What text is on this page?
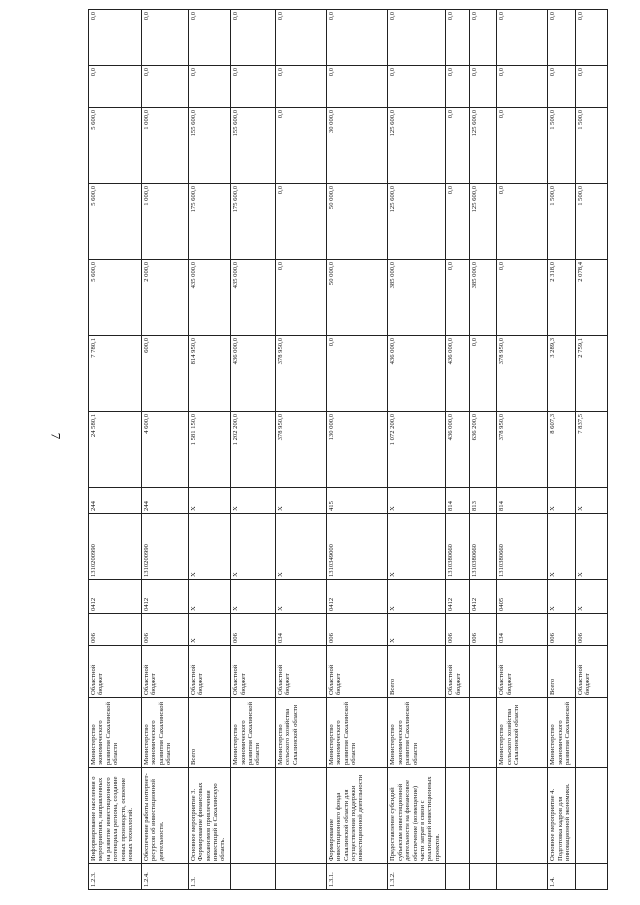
7
1.2.3.	Информирование населения о мероприятиях, направленных на развитие инвестиционного потенциала региона, создание новых производств, освоение новых технологий.	Министерство экономического развития Сахалинской области	Областной бюджет	006	0412	1310200990	244	24 580,1	7 780,1	5 600,0	5 600,0	5 600,0	0,0	0,0
1.2.4.	Обеспечение работы интернет-ресурсов об инвестиционной деятельности.	Министерство экономического развития Сахалинской области	Областной бюджет	006	0412	1310200990	244	4 600,0	600,0	2 000,0	1 000,0	1 000,0	0,0	0,0
1.3.	Основное мероприятие 3. Формирование финансовых механизмов привлечения инвестиций в Сахалинскую область.	Всего	Областной бюджет	X	X	X	X	1 581 150,0	814 950,0	435 000,0	175 600,0	155 600,0	0,0	0,0
		Министерство экономического развития Сахалинской области	Областной бюджет	006	X	X	X	1 202 200,0	436 000,0	435 000,0	175 600,0	155 600,0	0,0	0,0
		Министерство сельского хозяйства Сахалинской области	Областной бюджет	034	X	X	X	378 950,0	378 950,0	0,0	0,0	0,0	0,0	0,0
1.3.1.	Формирование инвестиционного фонда Сахалинской области для осуществления поддержки инвестиционной деятельности	Министерство экономического развития Сахалинской области	Областной бюджет	006	0412	1310349000	415	130 000,0	0,0	50 000,0	50 000,0	30 000,0	0,0	0,0
1.3.2.	Предоставление субсидий субъектам инвестиционной деятельности на финансовое обеспечение (возмещение) части затрат в связи с реализацией инвестиционных проектов.	Министерство экономического развития Сахалинской области	Всего	X	X	X	X	1 072 200,0	436 000,0	385 000,0	125 600,0	125 600,0	0,0	0,0
			Областной бюджет	006	0412	1310380660	814	436 000,0	436 000,0	0,0	0,0	0,0	0,0	0,0
				006	0412	1310380660	813	636 200,0	0,0	385 000,0	125 600,0	125 600,0	0,0	0,0
		Министерство сельского хозяйства Сахалинской области	Областной бюджет	034	0405	1310380660	814	378 950,0	378 950,0	0,0	0,0	0,0	0,0	0,0
1.4.	Основное мероприятие 4. Подготовка кадров для инновационной экономики.	Министерство экономического развития Сахалинской	Всего	006	X	X	X	8 607,3	3 289,3	2 318,0	1 500,0	1 500,0	0,0	0,0
			Областной бюджет	006	X	X	X	7 837,5	2 759,1	2 078,4	1 500,0	1 500,0	0,0	0,0
